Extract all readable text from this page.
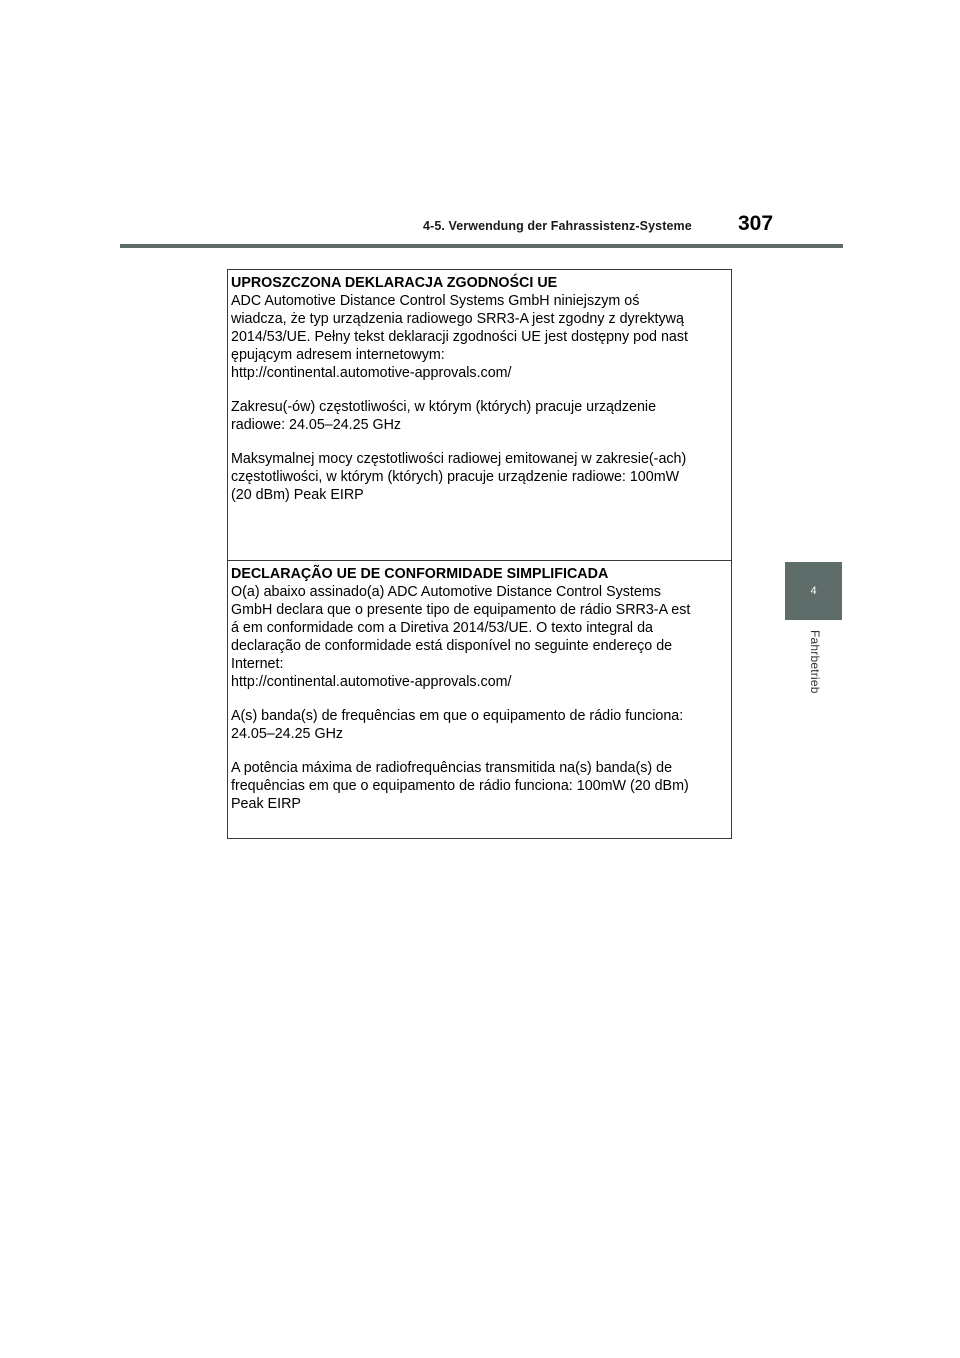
4-5. Verwendung der Fahrassistenz-Systeme 307
4
Fahrbetrieb
UPROSZCZONA DEKLARACJA ZGODNOŚCI UE
ADC Automotive Distance Control Systems GmbH niniejszym oś
wiadcza, że typ urządzenia radiowego SRR3-A jest zgodny z dyrektywą
2014/53/UE. Pełny tekst deklaracji zgodności UE jest dostępny pod nast
ępującym adresem internetowym:
http://continental.automotive-approvals.com/
Zakresu(-ów) częstotliwości, w którym (których) pracuje urządzenie
radiowe: 24.05–24.25 GHz
Maksymalnej mocy częstotliwości radiowej emitowanej w zakresie(-ach)
częstotliwości, w którym (których) pracuje urządzenie radiowe: 100mW
(20 dBm) Peak EIRP
DECLARAÇÃO UE DE CONFORMIDADE SIMPLIFICADA
O(a) abaixo assinado(a) ADC Automotive Distance Control Systems
GmbH declara que o presente tipo de equipamento de rádio SRR3-A est
á em conformidade com a Diretiva 2014/53/UE. O texto integral da
declaração de conformidade está disponível no seguinte endereço de
Internet:
http://continental.automotive-approvals.com/
A(s) banda(s) de frequências em que o equipamento de rádio funciona:
24.05–24.25 GHz
A potência máxima de radiofrequências transmitida na(s) banda(s) de
frequências em que o equipamento de rádio funciona: 100mW (20 dBm)
Peak EIRP
